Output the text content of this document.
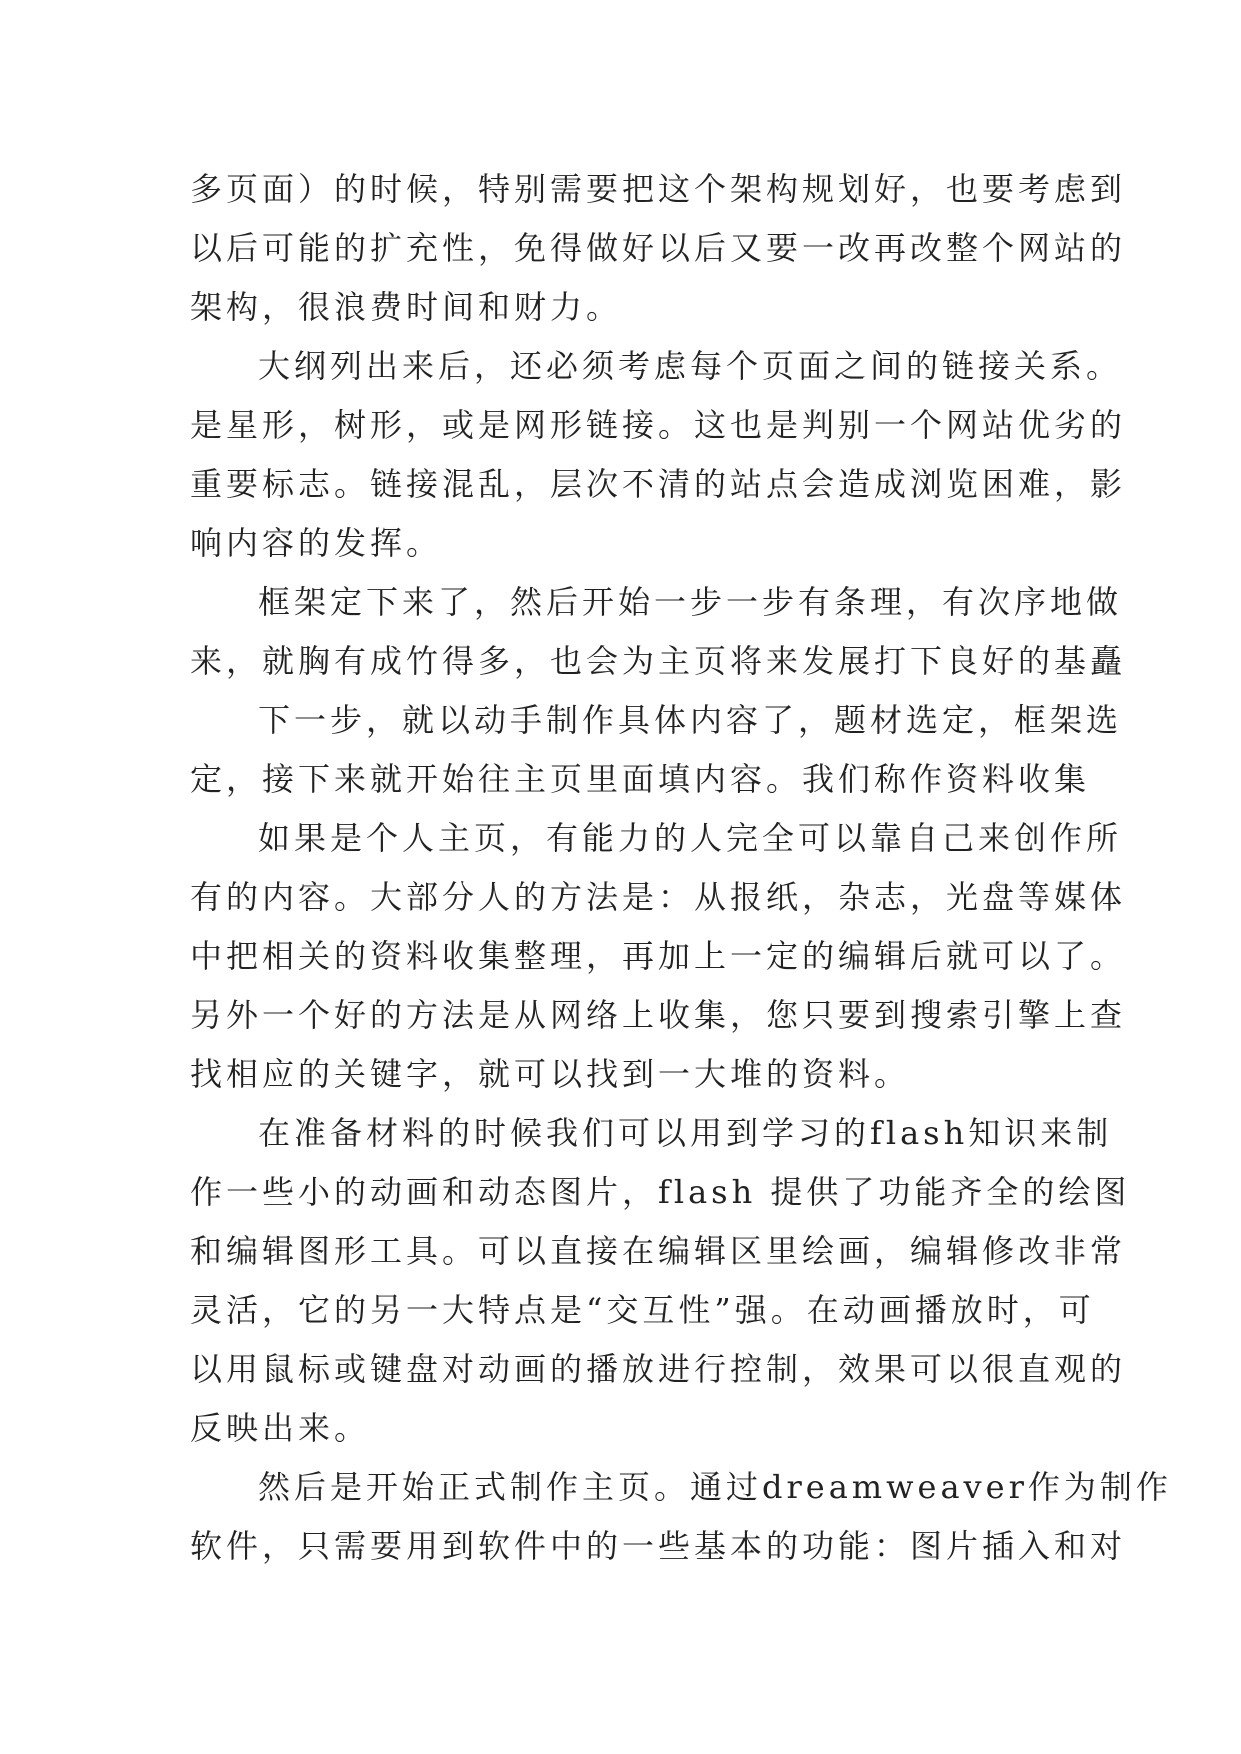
多页面）的时候，特别需要把这个架构规划好，也要考虑到
以后可能的扩充性，免得做好以后又要一改再改整个网站的
架构，很浪费时间和财力。
大纲列出来后，还必须考虑每个页面之间的链接关系。
是星形，树形，或是网形链接。这也是判别一个网站优劣的
重要标志。链接混乱，层次不清的站点会造成浏览困难，影
响内容的发挥。
框架定下来了，然后开始一步一步有条理，有次序地做
来，就胸有成竹得多，也会为主页将来发展打下良好的基矗
下一步，就以动手制作具体内容了，题材选定，框架选
定，接下来就开始往主页里面填内容。我们称作资料收集
如果是个人主页，有能力的人完全可以靠自己来创作所
有的内容。大部分人的方法是：从报纸，杂志，光盘等媒体
中把相关的资料收集整理，再加上一定的编辑后就可以了。
另外一个好的方法是从网络上收集，您只要到搜索引擎上查
找相应的关键字，就可以找到一大堆的资料。
在准备材料的时候我们可以用到学习的flash知识来制
作一些小的动画和动态图片，flash 提供了功能齐全的绘图
和编辑图形工具。可以直接在编辑区里绘画，编辑修改非常
灵活，它的另一大特点是“交互性”强。在动画播放时，可
以用鼠标或键盘对动画的播放进行控制，效果可以很直观的
反映出来。
然后是开始正式制作主页。通过dreamweaver作为制作
软件，只需要用到软件中的一些基本的功能：图片插入和对
